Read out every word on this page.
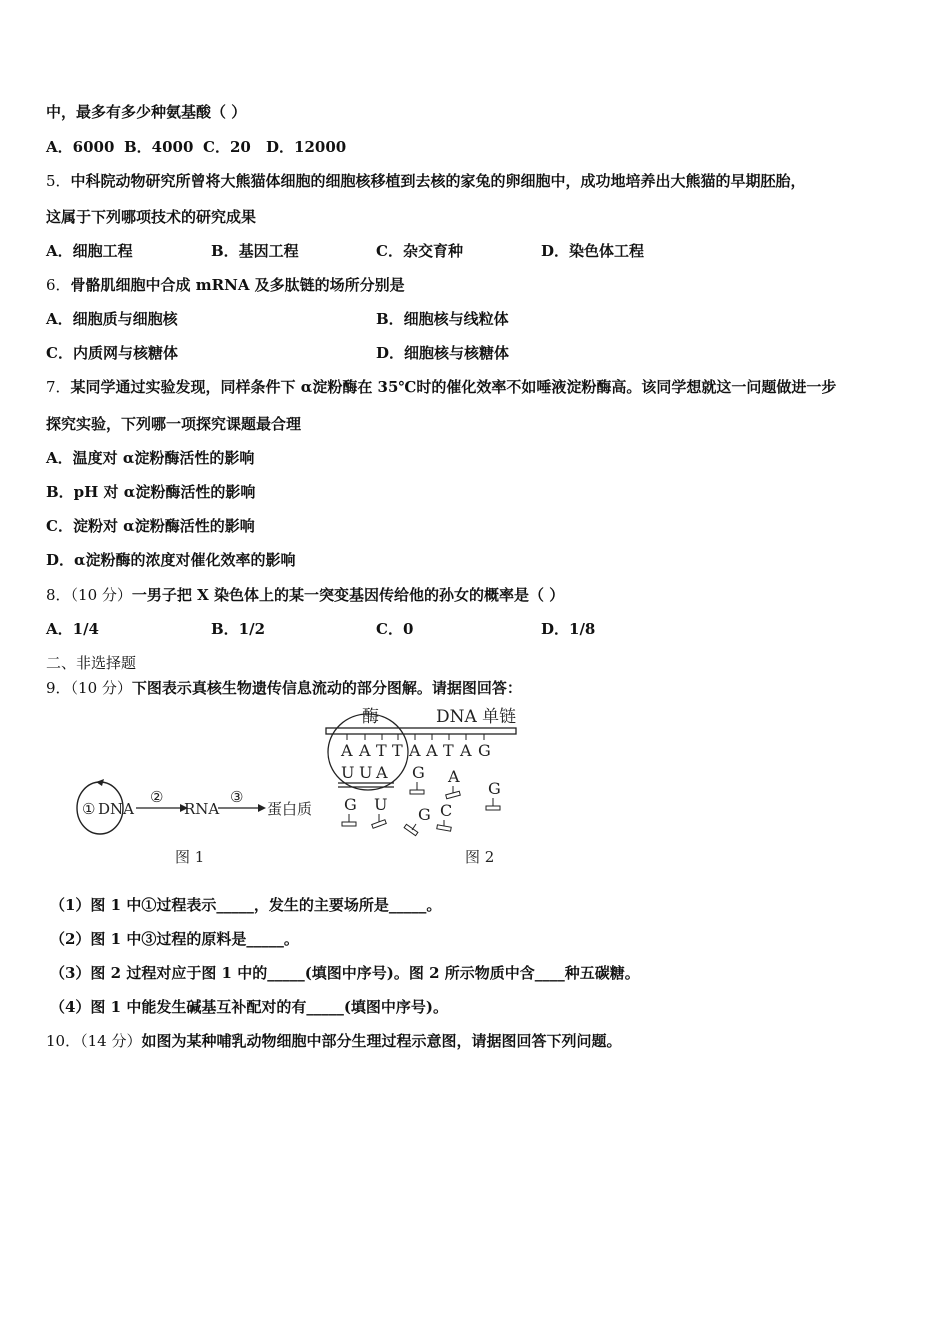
中，最多有多少种氨基酸（ ）
A．6000 B．4000 C．20 D．12000
5．中科院动物研究所曾将大熊猫体细胞的细胞核移植到去核的家兔的卵细胞中，成功地培养出大熊猫的早期胚胎，
这属于下列哪项技术的研究成果
A．细胞工程	B．基因工程	C．杂交育种	D．染色体工程
6．骨骼肌细胞中合成 mRNA 及多肽链的场所分别是
A．细胞质与细胞核	B．细胞核与线粒体
C．内质网与核糖体	D．细胞核与核糖体
7．某同学通过实验发现，同样条件下 α淀粉酶在 35℃时的催化效率不如唾液淀粉酶高。该同学想就这一问题做进一步
探究实验，下列哪一项探究课题最合理
A．温度对 α淀粉酶活性的影响
B．pH 对 α淀粉酶活性的影响
C．淀粉对 α淀粉酶活性的影响
D．α淀粉酶的浓度对催化效率的影响
8．（10 分）一男子把 X 染色体上的某一突变基因传给他的孙女的概率是（ ）
A．1/4	B．1/2	C．0	D．1/8
二、非选择题
9．（10 分）下图表示真核生物遗传信息流动的部分图解。请据图回答：
① DNA
②
RNA
③
蛋白质
图 1
酶	DNA 单链
A A T T A A T A G
U U A G A
G
G U
G C
图 2
（1）图 1 中①过程表示_____，发生的主要场所是_____。
（2）图 1 中③过程的原料是_____。
（3）图 2 过程对应于图 1 中的_____(填图中序号)。图 2 所示物质中含____种五碳糖。
（4）图 1 中能发生碱基互补配对的有_____(填图中序号)。
10．（14 分）如图为某种哺乳动物细胞中部分生理过程示意图，请据图回答下列问题。
